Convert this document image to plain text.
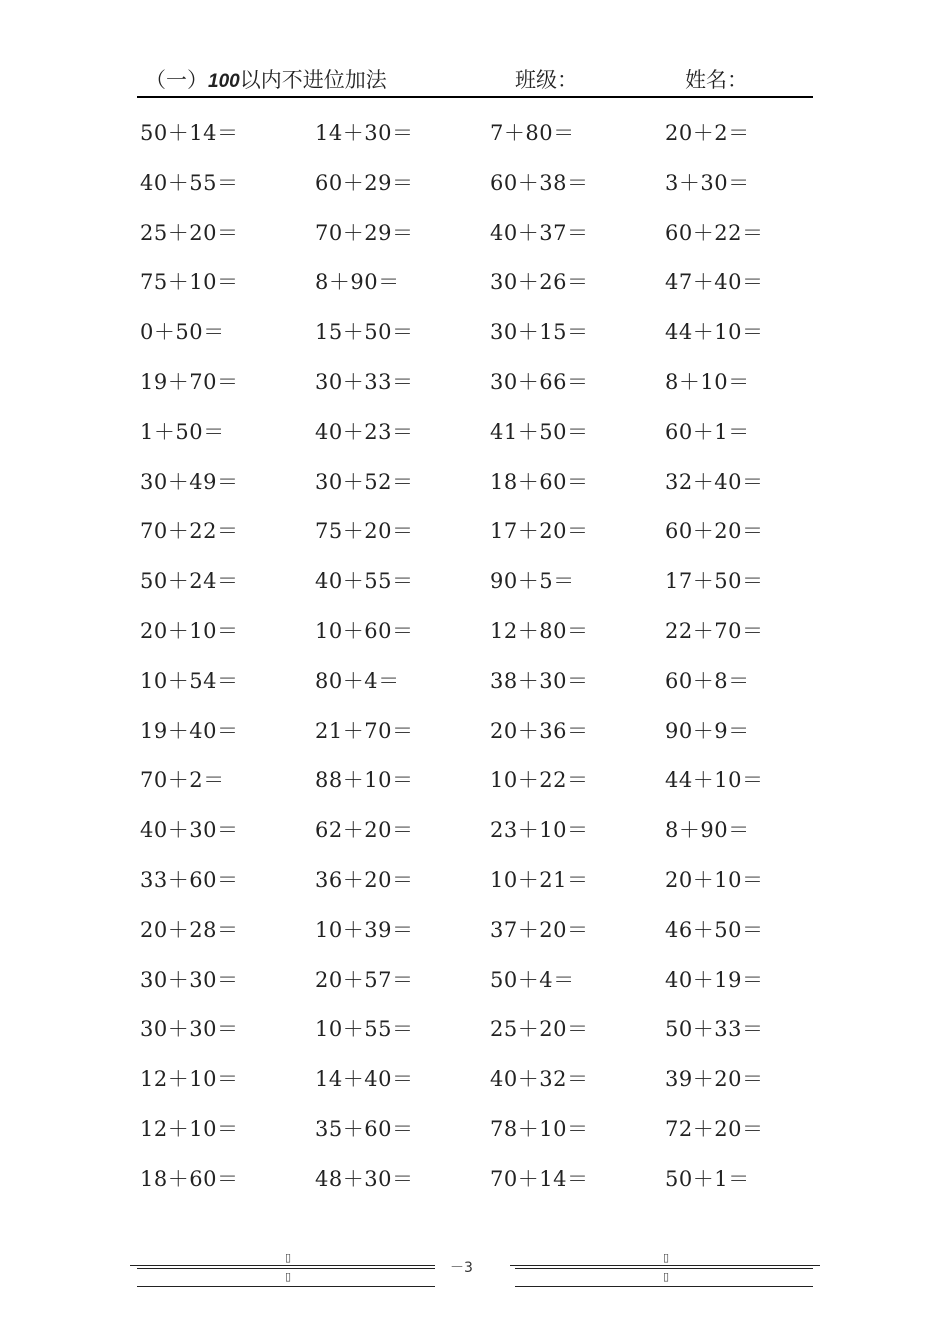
（一）100以内不进位加法	班级：	姓名：
50＋14＝	14＋30＝	7＋80＝	20＋2＝
40＋55＝	60＋29＝	60＋38＝	3＋30＝
25＋20＝	70＋29＝	40＋37＝	60＋22＝
75＋10＝	8＋90＝	30＋26＝	47＋40＝
0＋50＝	15＋50＝	30＋15＝	44＋10＝
19＋70＝	30＋33＝	30＋66＝	8＋10＝
1＋50＝	40＋23＝	41＋50＝	60＋1＝
30＋49＝	30＋52＝	18＋60＝	32＋40＝
70＋22＝	75＋20＝	17＋20＝	60＋20＝
50＋24＝	40＋55＝	90＋5＝	17＋50＝
20＋10＝	10＋60＝	12＋80＝	22＋70＝
10＋54＝	80＋4＝	38＋30＝	60＋8＝
19＋40＝	21＋70＝	20＋36＝	90＋9＝
70＋2＝	88＋10＝	10＋22＝	44＋10＝
40＋30＝	62＋20＝	23＋10＝	8＋90＝
33＋60＝	36＋20＝	10＋21＝	20＋10＝
20＋28＝	10＋39＝	37＋20＝	46＋50＝
30＋30＝	20＋57＝	50＋4＝	40＋19＝
30＋30＝	10＋55＝	25＋20＝	50＋33＝
12＋10＝	14＋40＝	40＋32＝	39＋20＝
12＋10＝	35＋60＝	78＋10＝	72＋20＝
18＋60＝	48＋30＝	70＋14＝	50＋1＝
▯
▯
－3
▯
▯
